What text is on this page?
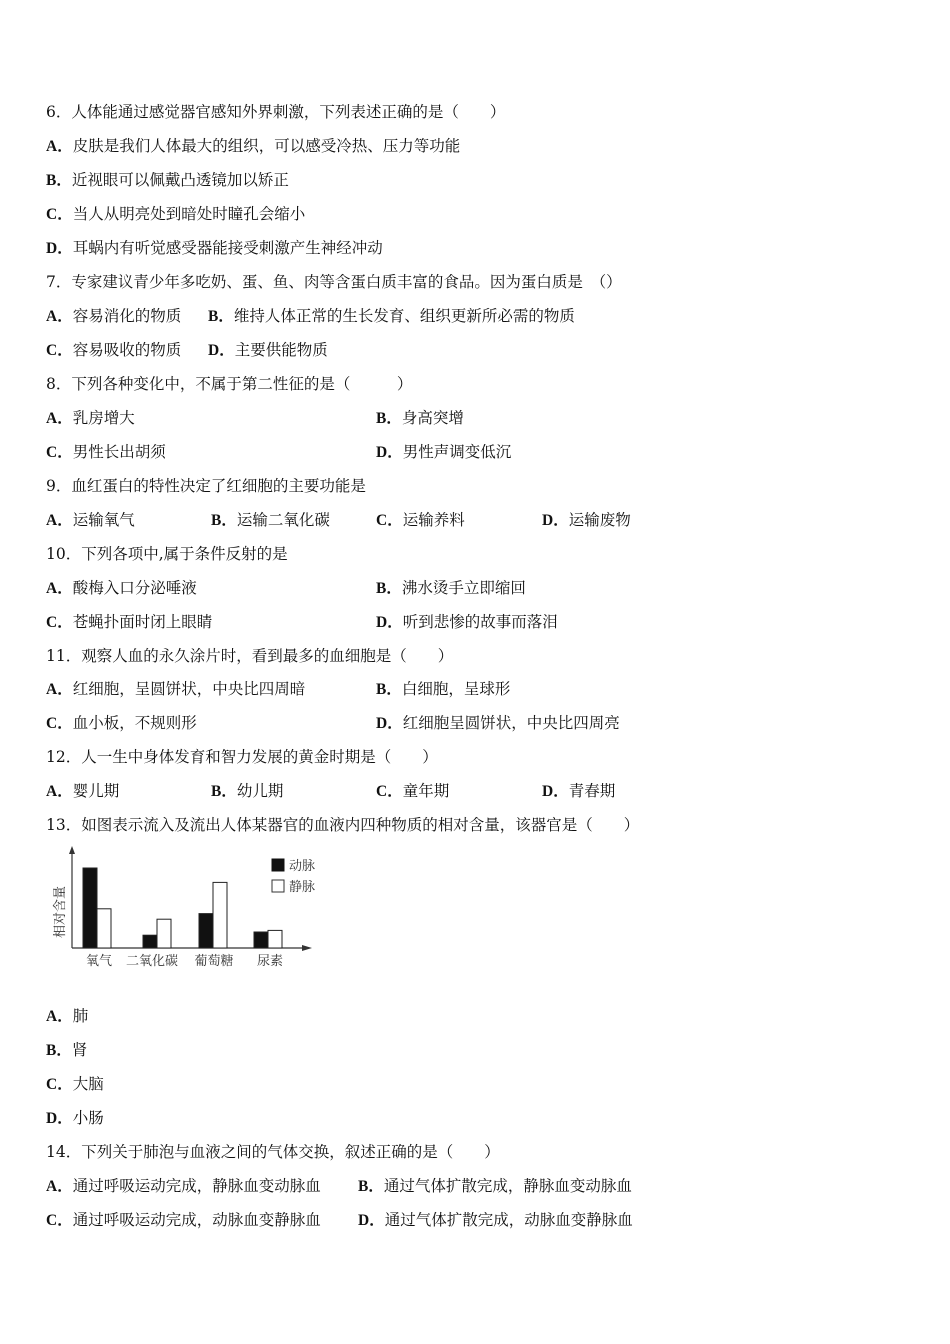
6．人体能通过感觉器官感知外界刺激，下列表述正确的是（　　）
A．皮肤是我们人体最大的组织，可以感受冷热、压力等功能
B．近视眼可以佩戴凸透镜加以矫正
C．当人从明亮处到暗处时瞳孔会缩小
D．耳蜗内有听觉感受器能接受刺激产生神经冲动
7．专家建议青少年多吃奶、蛋、鱼、肉等含蛋白质丰富的食品。因为蛋白质是　（）
A．容易消化的物质 B．维持人体正常的生长发育、组织更新所必需的物质
C．容易吸收的物质 D．主要供能物质
8．下列各种变化中，不属于第二性征的是（　　　）
A．乳房增大	B．身高突增
C．男性长出胡须	D．男性声调变低沉
9．血红蛋白的特性决定了红细胞的主要功能是
A．运输氧气	B．运输二氧化碳	C．运输养料	D．运输废物
10．下列各项中,属于条件反射的是
A．酸梅入口分泌唾液	B．沸水烫手立即缩回
C．苍蝇扑面时闭上眼睛	D．听到悲惨的故事而落泪
11．观察人血的永久涂片时，看到最多的血细胞是（　　）
A．红细胞，呈圆饼状，中央比四周暗	B．白细胞，呈球形
C．血小板，不规则形	D．红细胞呈圆饼状，中央比四周亮
12．人一生中身体发育和智力发展的黄金时期是（　　）
A．婴儿期	B．幼儿期	C．童年期	D．青春期
13．如图表示流入及流出人体某器官的血液内四种物质的相对含量，该器官是（　　）
相对含量
氧气 二氧化碳 葡萄糖 尿素
动脉
静脉
A．肺
B．肾
C．大脑
D．小肠
14．下列关于肺泡与血液之间的气体交换，叙述正确的是（　　）
A．通过呼吸运动完成，静脉血变动脉血 B．通过气体扩散完成，静脉血变动脉血
C．通过呼吸运动完成，动脉血变静脉血 D．通过气体扩散完成，动脉血变静脉血
